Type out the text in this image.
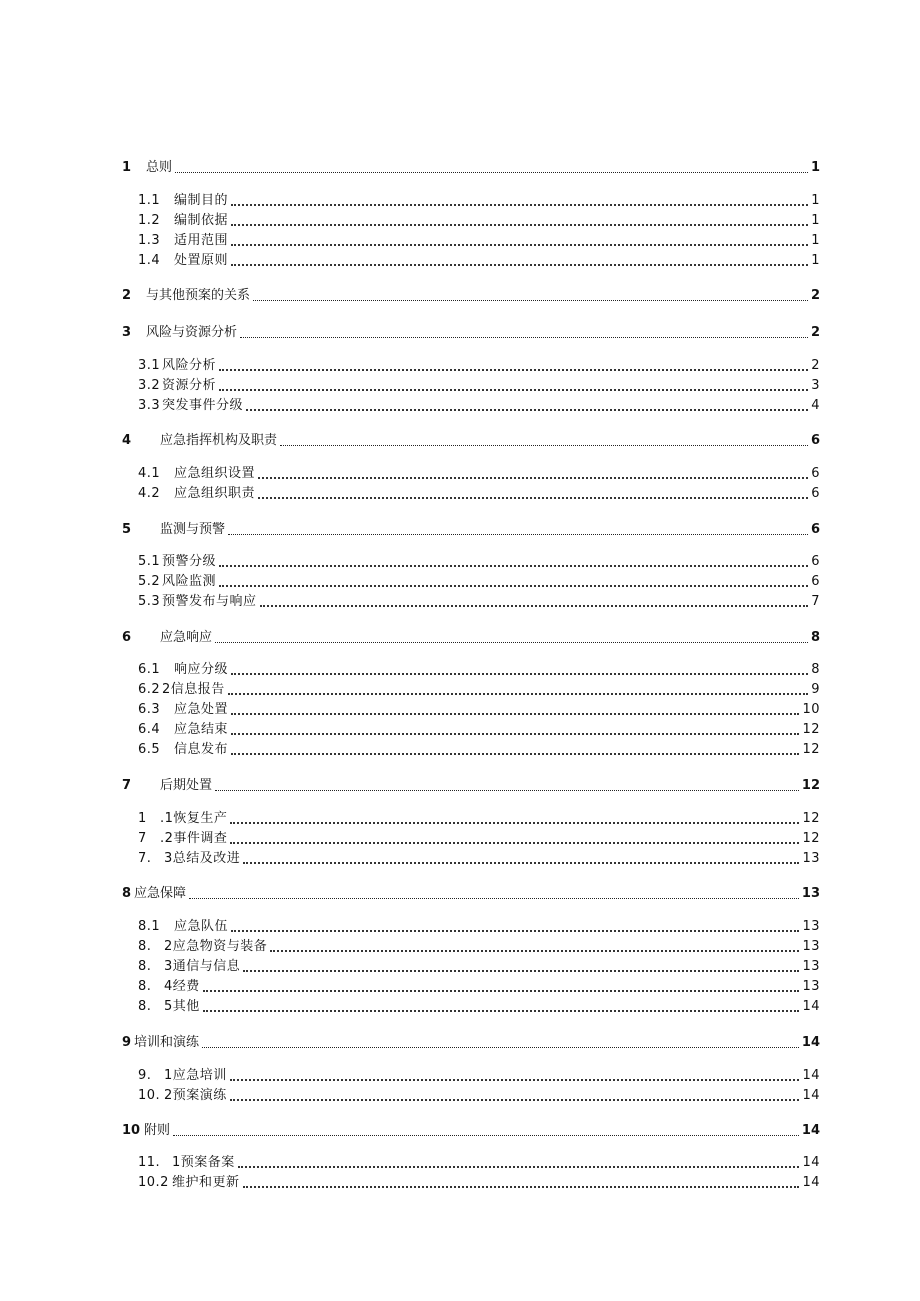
1 总则	1
1.1 编制目的	1
1.2 编制依据	1
1.3 适用范围	1
1.4 处置原则	1
2 与其他预案的关系	2
3 风险与资源分析	2
3.1 风险分析	2
3.2 资源分析	3
3.3 突发事件分级	4
4 应急指挥机构及职责	6
4.1 应急组织设置	6
4.2 应急组织职责	6
5 监测与预警	6
5.1 预警分级	6
5.2 风险监测	6
5.3 预警发布与响应	7
6 应急响应	8
6.1 响应分级	8
6.2 2信息报告	9
6.3 应急处置	10
6.4 应急结束	12
6.5 信息发布	12
7 后期处置	12
1 .1恢复生产	12
7 .2事件调查	12
7. 3总结及改进	13
8 应急保障	13
8.1 应急队伍	13
8. 2应急物资与装备	13
8. 3通信与信息	13
8. 4经费	13
8. 5其他	14
9 培训和演练	14
9. 1应急培训	14
10. 2预案演练	14
10 附则	14
11. 1预案备案	14
10.2 维护和更新	14
